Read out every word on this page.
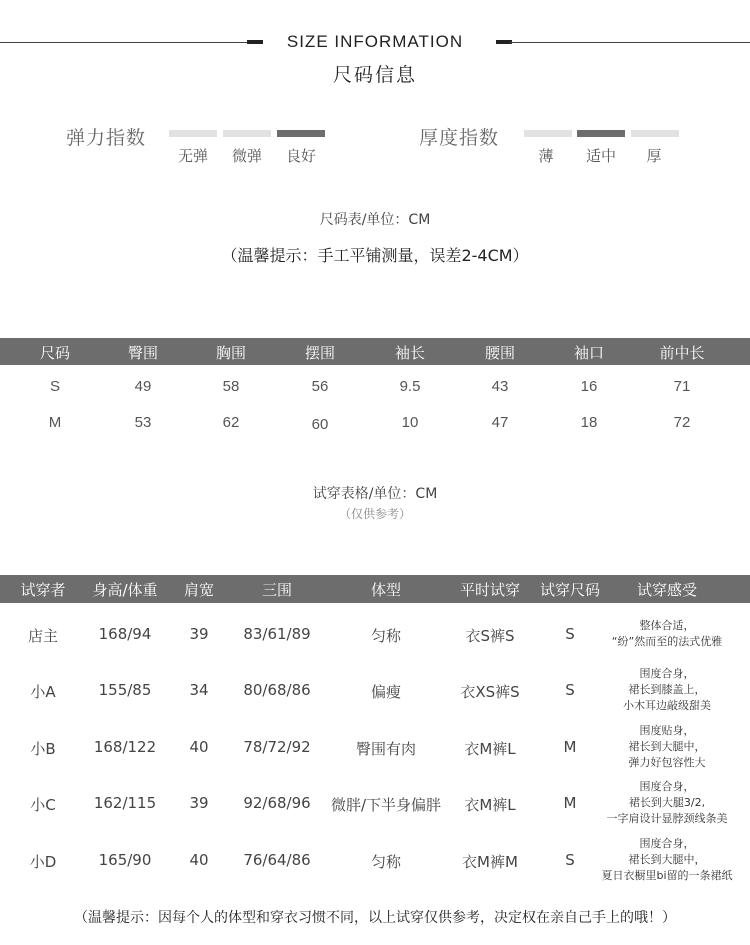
SIZE INFORMATION
尺码信息
弹力指数
无弹	微弹	良好
厚度指数
薄	适中	厚
尺码表/单位：CM
（温馨提示：手工平铺测量，误差2-4CM）
尺码	臀围	胸围	摆围	袖长	腰围	袖口	前中长
S	49	58	56	9.5	43	16	71
M	53	62	60	10	47	18	72
试穿表格/单位：CM
（仅供参考）
试穿者	身高/体重	肩宽	三围	体型	平时试穿	试穿尺码	试穿感受
店主	168/94	39	83/61/89	匀称	衣S裤S	S	整体合适，
“纷”然而至的法式优雅
小A	155/85	34	80/68/86	偏瘦	衣XS裤S	S
围度合身，
裙长到膝盖上，
小木耳边敲级甜美
小B	168/122	40	78/72/92	臀围有肉	衣M裤L	M
围度贴身，
裙长到大腿中，
弹力好包容性大
小C	162/115	39	92/68/96	微胖/下半身偏胖	衣M裤L	M
围度合身，
裙长到大腿3/2,
一字肩设计显脖颈线条美
小D	165/90	40	76/64/86	匀称	衣M裤M	S
围度合身，
裙长到大腿中，
夏日衣橱里bi留的一条裙纸
（温馨提示：因每个人的体型和穿衣习惯不同，以上试穿仅供参考，决定权在亲自己手上的哦！）
